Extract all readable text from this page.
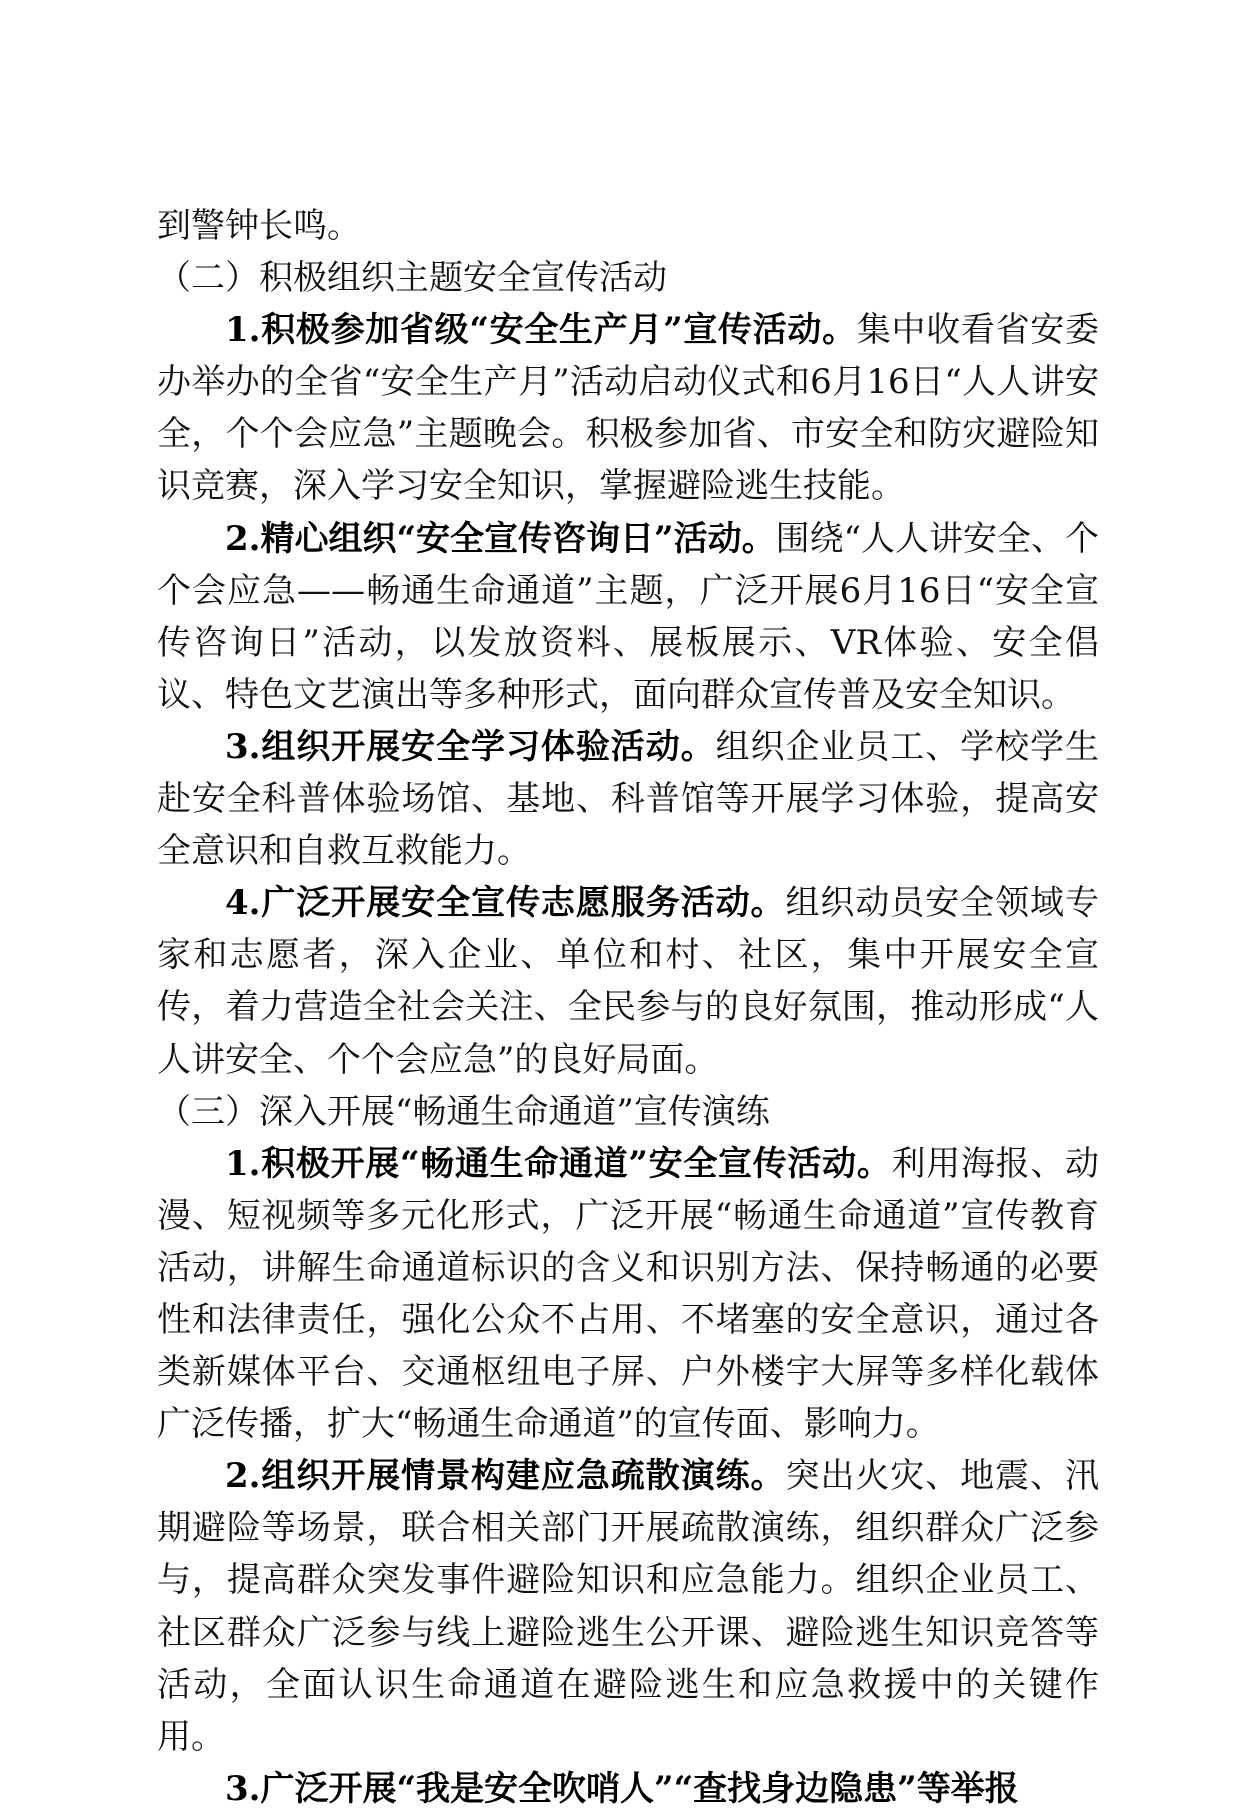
到警钟长鸣。

（二）积极组织主题安全宣传活动

1.积极参加省级“安全生产月”宣传活动。集中收看省安委办举办的全省“安全生产月”活动启动仪式和6月16日“人人讲安全，个个会应急”主题晚会。积极参加省、市安全和防灾避险知识竞赛，深入学习安全知识，掌握避险逃生技能。

2.精心组织“安全宣传咨询日”活动。围绕“人人讲安全、个个会应急——畅通生命通道”主题，广泛开展6月16日“安全宣传咨询日”活动，以发放资料、展板展示、VR体验、安全倡议、特色文艺演出等多种形式，面向群众宣传普及安全知识。

3.组织开展安全学习体验活动。组织企业员工、学校学生赴安全科普体验场馆、基地、科普馆等开展学习体验，提高安全意识和自救互救能力。

4.广泛开展安全宣传志愿服务活动。组织动员安全领域专家和志愿者，深入企业、单位和村、社区，集中开展安全宣传，着力营造全社会关注、全民参与的良好氛围，推动形成“人人讲安全、个个会应急”的良好局面。

（三）深入开展“畅通生命通道”宣传演练

1.积极开展“畅通生命通道”安全宣传活动。利用海报、动漫、短视频等多元化形式，广泛开展“畅通生命通道”宣传教育活动，讲解生命通道标识的含义和识别方法、保持畅通的必要性和法律责任，强化公众不占用、不堵塞的安全意识，通过各类新媒体平台、交通枢纽电子屏、户外楼宇大屏等多样化载体广泛传播，扩大“畅通生命通道”的宣传面、影响力。

2.组织开展情景构建应急疏散演练。突出火灾、地震、汛期避险等场景，联合相关部门开展疏散演练，组织群众广泛参与，提高群众突发事件避险知识和应急能力。组织企业员工、社区群众广泛参与线上避险逃生公开课、避险逃生知识竞答等活动，全面认识生命通道在避险逃生和应急救援中的关键作用。

3.广泛开展“我是安全吹哨人”“查找身边隐患”等举报
